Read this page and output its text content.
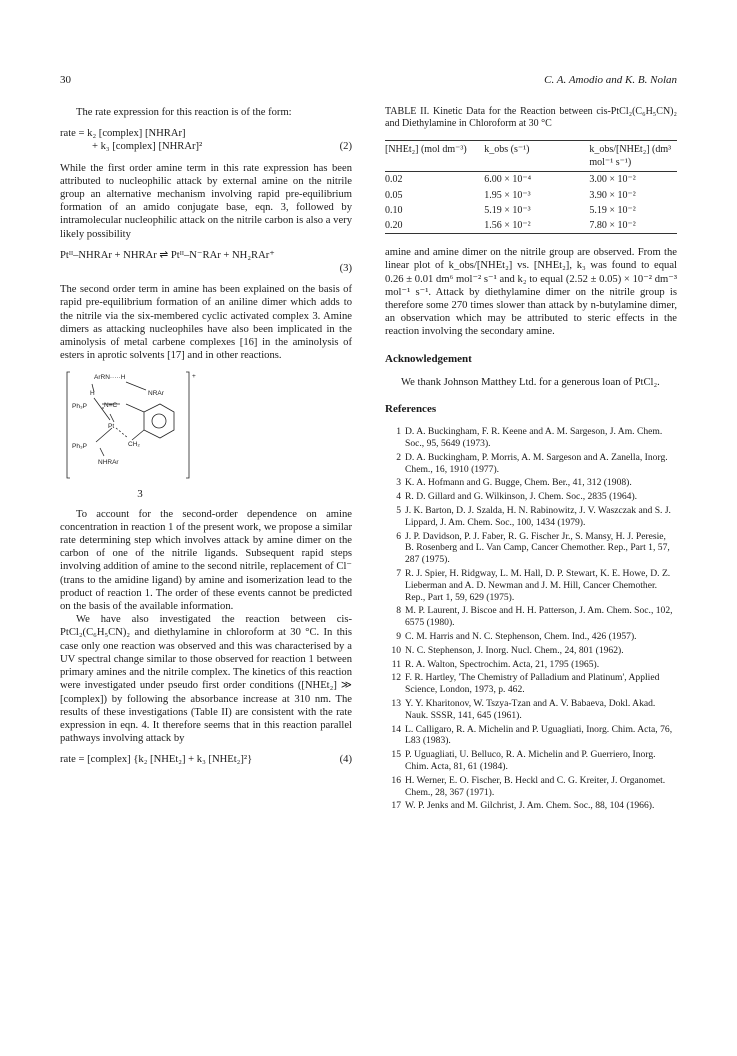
30	C. A. Amodio and K. B. Nolan

The rate expression for this reaction is of the form:

rate = k₂ [complex] [NHRAr]
+ k₃ [complex] [NHRAr]²	(2)

While the first order amine term in this rate expression has been attributed to nucleophilic attack by external amine on the nitrile group an alternative mechanism involving rapid pre-equilibrium formation of an amido conjugate base, eqn. 3, followed by intramolecular nucleophilic attack on the nitrile carbon is also a very likely possibility

Ptᴵᴵ–NHRAr + NHRAr ⇌ Ptᴵᴵ–N⁻RAr + NH₂RAr⁺
(3)

The second order term in amine has been explained on the basis of rapid pre-equilibrium formation of an aniline dimer which adds to the nitrile via the six-membered cyclic activated complex 3. Amine dimers as attacking nucleophiles have also been implicated in the aminolysis of metal carbene complexes [16] in the aminolysis of esters in aprotic solvents [17] and in other reactions.

ArRN·····H
H	NRAr
Ph₃P	N≡C
Pt
Ph₃P	CH₂
NHRAr
+
3

To account for the second-order dependence on amine concentration in reaction 1 of the present work, we propose a similar rate determining step which involves attack by amine dimer on the carbon of one of the nitrile ligands. Subsequent rapid steps involving addition of amine to the second nitrile, replacement of Cl⁻ (trans to the amidine ligand) by amine and isomerization lead to the product of reaction 1. The order of these events cannot be predicted on the basis of the available information.

We have also investigated the reaction between cis-PtCl₂(C₆H₅CN)₂ and diethylamine in chloroform at 30 °C. In this case only one reaction was observed and this was characterised by a UV spectral change similar to those observed for reaction 1 between primary amines and the nitrile complex. The kinetics of this reaction were investigated under pseudo first order conditions ([NHEt₂] ≫ [complex]) by following the absorbance increase at 310 nm. The results of these investigations (Table II) are consistent with the rate expression in eqn. 4. It therefore seems that in this reaction parallel pathways involving attack by

rate = [complex] {k₂ [NHEt₂] + k₃ [NHEt₂]²}	(4)
TABLE II. Kinetic Data for the Reaction between cis-PtCl₂(C₆H₅CN)₂ and Diethylamine in Chloroform at 30 °C
[NHEt₂] (mol dm⁻³)	k_obs (s⁻¹)	k_obs/[NHEt₂] (dm³ mol⁻¹ s⁻¹)
0.02	6.00 × 10⁻⁴	3.00 × 10⁻²
0.05	1.95 × 10⁻³	3.90 × 10⁻²
0.10	5.19 × 10⁻³	5.19 × 10⁻²
0.20	1.56 × 10⁻²	7.80 × 10⁻²

amine and amine dimer on the nitrile group are observed. From the linear plot of k_obs/[NHEt₂] vs. [NHEt₂], k₃ was found to equal 0.26 ± 0.01 dm⁶ mol⁻² s⁻¹ and k₂ to equal (2.52 ± 0.05) × 10⁻² dm⁻³ mol⁻¹ s⁻¹. Attack by diethylamine dimer on the nitrile group is therefore some 270 times slower than attack by n-butylamine dimer, an observation which may be attributed to steric effects in the reaction involving the secondary amine.

Acknowledgement

We thank Johnson Matthey Ltd. for a generous loan of PtCl₂.

References
1 D. A. Buckingham, F. R. Keene and A. M. Sargeson, J. Am. Chem. Soc., 95, 5649 (1973).
2 D. A. Buckingham, P. Morris, A. M. Sargeson and A. Zanella, Inorg. Chem., 16, 1910 (1977).
3 K. A. Hofmann and G. Bugge, Chem. Ber., 41, 312 (1908).
4 R. D. Gillard and G. Wilkinson, J. Chem. Soc., 2835 (1964).
5 J. K. Barton, D. J. Szalda, H. N. Rabinowitz, J. V. Waszczak and S. J. Lippard, J. Am. Chem. Soc., 100, 1434 (1979).
6 J. P. Davidson, P. J. Faber, R. G. Fischer Jr., S. Mansy, H. J. Peresie, B. Rosenberg and L. Van Camp, Cancer Chemother. Rep., Part 1, 57, 287 (1975).
7 R. J. Spier, H. Ridgway, L. M. Hall, D. P. Stewart, K. E. Howe, D. Z. Lieberman and A. D. Newman and J. M. Hill, Cancer Chemother. Rep., Part 1, 59, 629 (1975).
8 M. P. Laurent, J. Biscoe and H. H. Patterson, J. Am. Chem. Soc., 102, 6575 (1980).
9 C. M. Harris and N. C. Stephenson, Chem. Ind., 426 (1957).
10 N. C. Stephenson, J. Inorg. Nucl. Chem., 24, 801 (1962).
11 R. A. Walton, Spectrochim. Acta, 21, 1795 (1965).
12 F. R. Hartley, 'The Chemistry of Palladium and Platinum', Applied Science, London, 1973, p. 462.
13 Y. Y. Kharitonov, W. Tszya-Tzan and A. V. Babaeva, Dokl. Akad. Nauk. SSSR, 141, 645 (1961).
14 L. Calligaro, R. A. Michelin and P. Uguagliati, Inorg. Chim. Acta, 76, L83 (1983).
15 P. Uguagliati, U. Belluco, R. A. Michelin and P. Guerriero, Inorg. Chim. Acta, 81, 61 (1984).
16 H. Werner, E. O. Fischer, B. Heckl and C. G. Kreiter, J. Organomet. Chem., 28, 367 (1971).
17 W. P. Jenks and M. Gilchrist, J. Am. Chem. Soc., 88, 104 (1966).
